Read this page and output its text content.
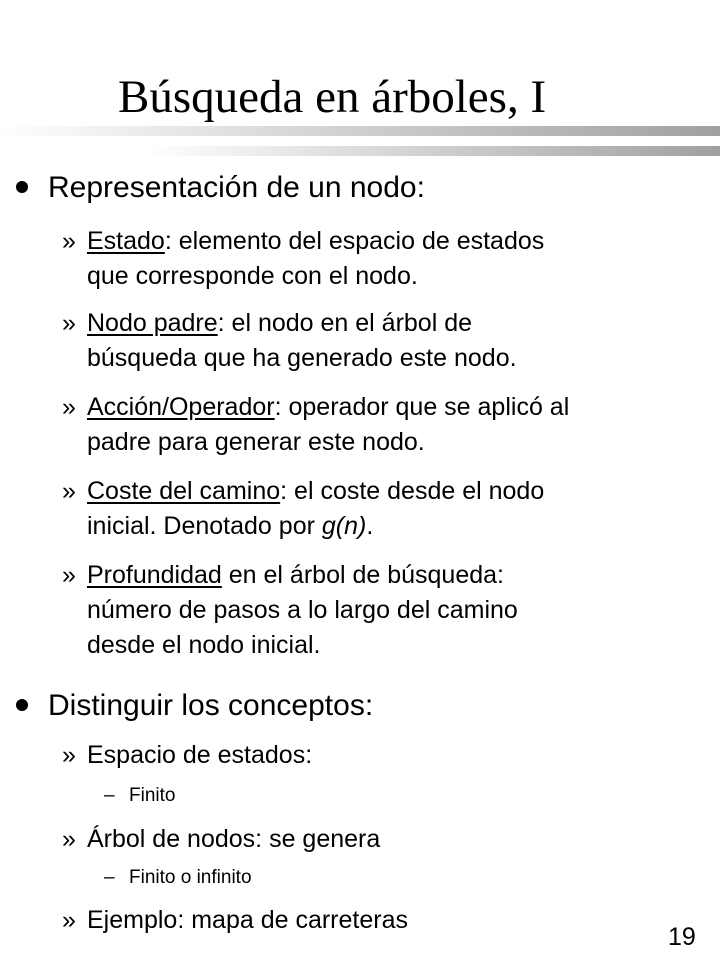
Búsqueda en árboles, I
Representación de un nodo:
» Estado: elemento del espacio de estados
que corresponde con el nodo.
» Nodo padre: el nodo en el árbol de
búsqueda que ha generado este nodo.
» Acción/Operador: operador que se aplicó al
padre para generar este nodo.
» Coste del camino: el coste desde el nodo
inicial. Denotado por g(n).
» Profundidad en el árbol de búsqueda:
número de pasos a lo largo del camino
desde el nodo inicial.
Distinguir los conceptos:
» Espacio de estados:
– Finito
» Árbol de nodos: se genera
– Finito o infinito
» Ejemplo: mapa de carreteras
19
